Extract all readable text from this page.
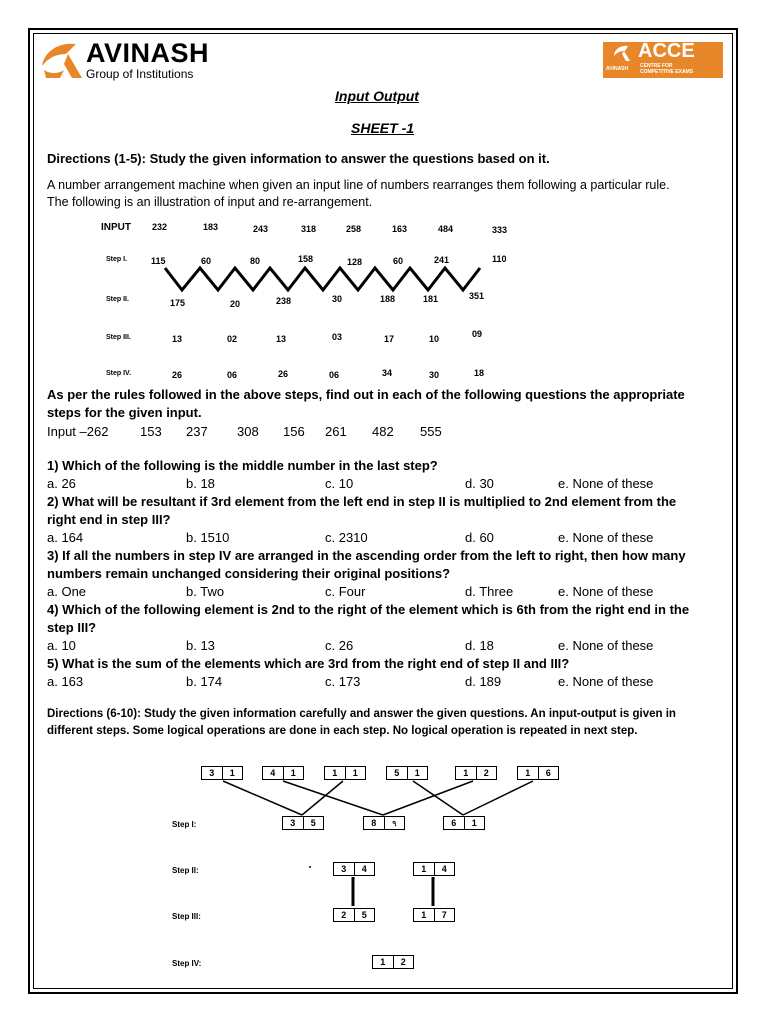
AVINASH
Group of Institutions
ACCE
AVINASH CENTRE FOR
COMPETITIVE EXAMS
Input Output
SHEET -1
Directions (1-5): Study the given information to answer the questions based on it.
A number arrangement machine when given an input line of numbers rearranges them following a particular rule.
The following is an illustration of input and re-arrangement.
INPUT 232	183	243	318	258	163	484	333
Step I.	115	60	80	158	128	60	241	110
Step II.	175	20	238	30	188	181	351
Step III.	13	02	13	03	17	10	09
Step IV.	26	06	26	06	34	30	18
As per the rules followed in the above steps, find out in each of the following questions the appropriate
steps for the given input.
Input –262 153 237 308 156 261 482 555
1) Which of the following is the middle number in the last step?
a. 26	b. 18	c. 10	d. 30	e. None of these
2) What will be resultant if 3rd element from the left end in step II is multiplied to 2nd element from the
right end in step III?
a. 164	b. 1510	c. 2310	d. 60	e. None of these
3) If all the numbers in step IV are arranged in the ascending order from the left to right, then how many
numbers remain unchanged considering their original positions?
a. One	b. Two	c. Four	d. Three	e. None of these
4) Which of the following element is 2nd to the right of the element which is 6th from the right end in the
step III?
a. 10	b. 13	c. 26	d. 18	e. None of these
5) What is the sum of the elements which are 3rd from the right end of step II and III?
a. 163	b. 174	c. 173	d. 189	e. None of these
Directions (6-10): Study the given information carefully and answer the given questions. An input-output is given in
different steps. Some logical operations are done in each step. No logical operation is repeated in next step.
3	1	4	1	1	1	5	1	1	2	1	6
3	5	8	ঀ	6	1
3	4	1	4
2	5	1	7
1	2
Step I:
Step II:
Step III:
Step IV:
